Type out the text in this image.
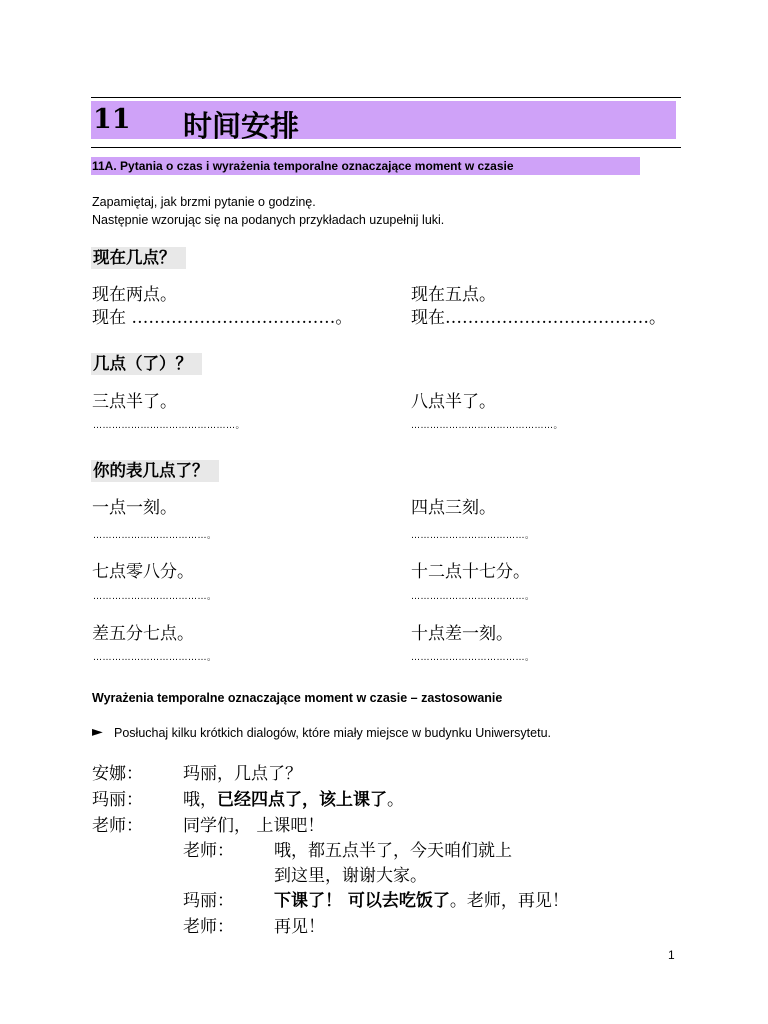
11 时间安排
11A. Pytania o czas i wyrażenia temporalne oznaczające moment w czasie
Zapamiętaj, jak brzmi pytanie o godzinę.
Następnie wzorując się na podanych przykładach uzupełnij luki.
现在几点？
现在两点。	现在五点。
现在 ………………………………。	现在………………………………。
几点（了）？
三点半了。	八点半了。
………………………………………。	………………………………………。
你的表几点了？
一点一刻。	四点三刻。
………………………………。	………………………………。
七点零八分。	十二点十七分。
………………………………。	………………………………。
差五分七点。	十点差一刻。
………………………………。	………………………………。
Wyrażenia temporalne oznaczające moment w czasie – zastosowanie
► Posłuchaj kilku krótkich dialogów, które miały miejsce w budynku Uniwersytetu.
安娜： 玛丽，几点了？
玛丽： 哦，已经四点了，该上课了。
老师： 同学们， 上课吧！
老师： 哦，都五点半了，今天咱们就上
到这里，谢谢大家。
玛丽： 下课了！ 可以去吃饭了。老师，再见！
老师： 再见！
1
